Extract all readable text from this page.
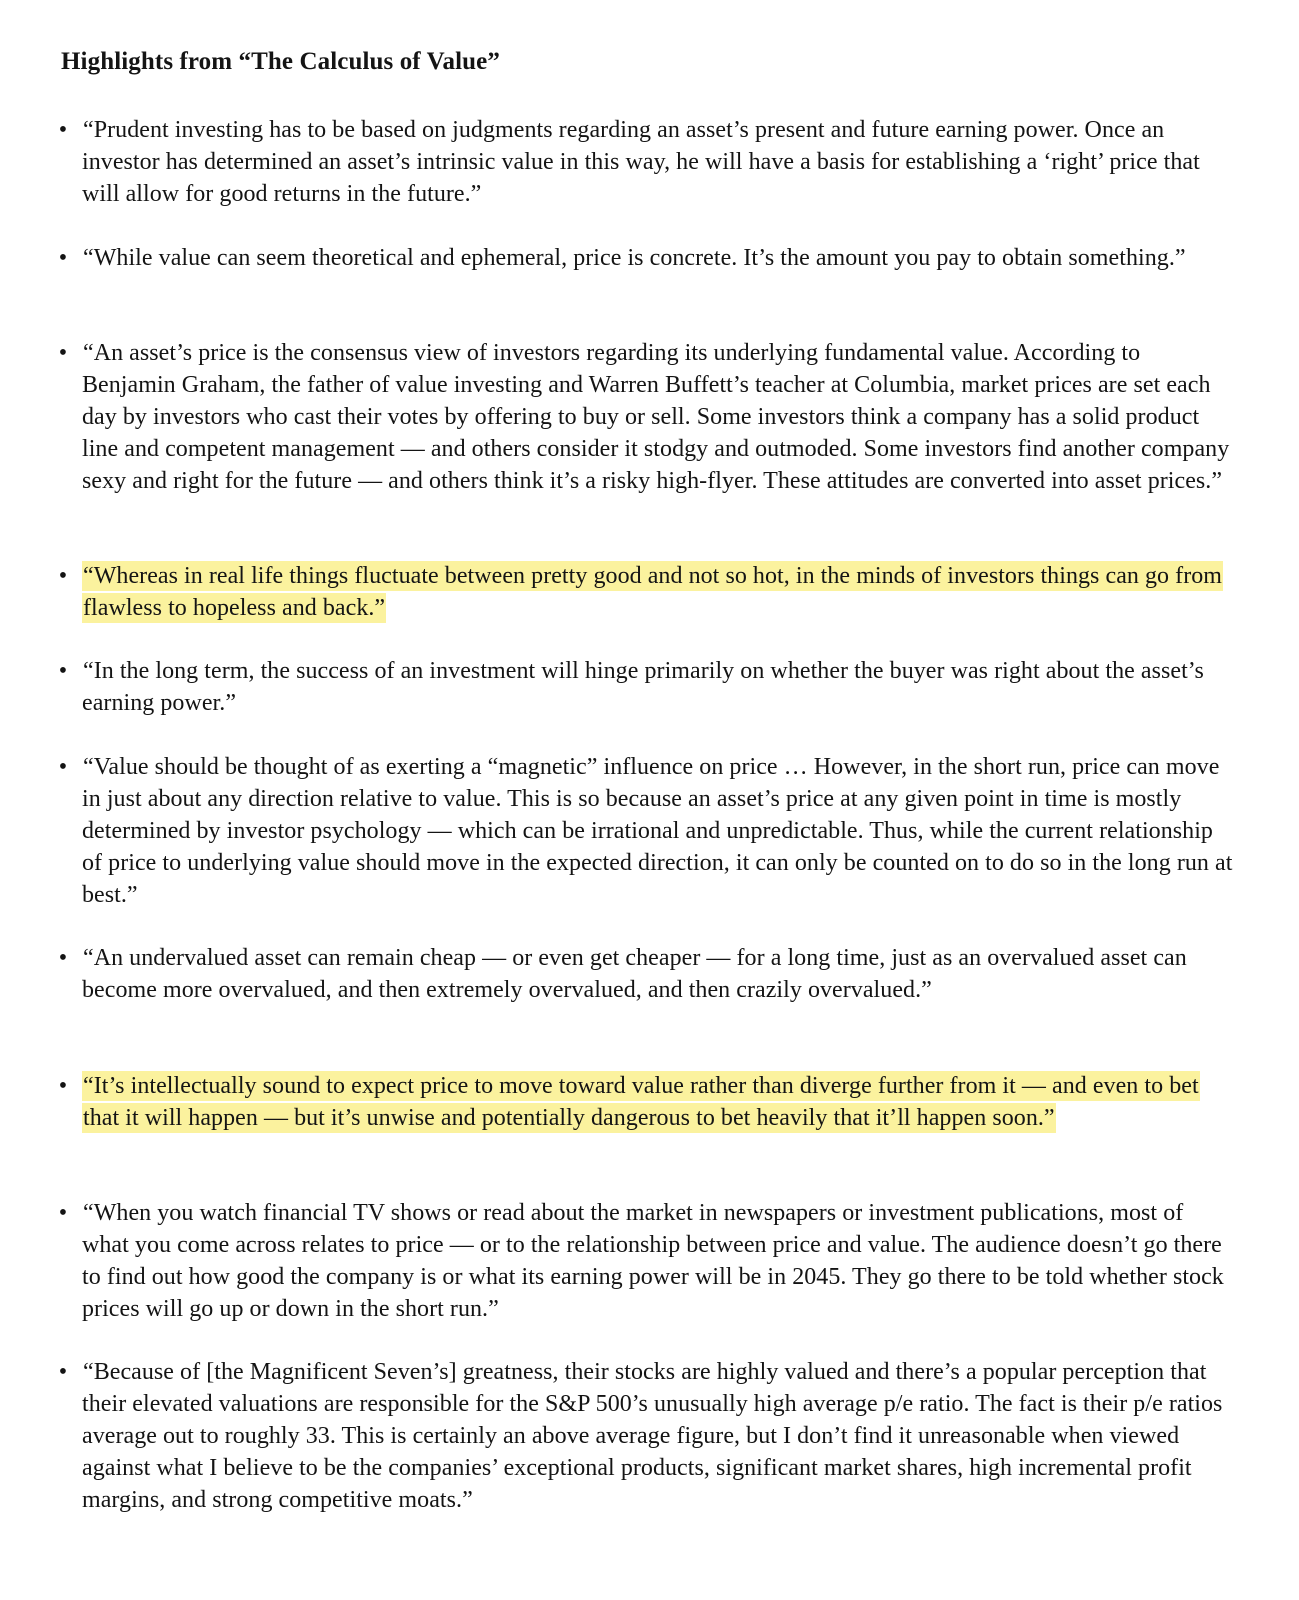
Highlights from “The Calculus of Value”
• “Prudent investing has to be based on judgments regarding an asset’s present and future earning power. Once an investor has determined an asset’s intrinsic value in this way, he will have a basis for establishing a ‘right’ price that will allow for good returns in the future.”
• “While value can seem theoretical and ephemeral, price is concrete. It’s the amount you pay to obtain something.”
• “An asset’s price is the consensus view of investors regarding its underlying fundamental value. According to Benjamin Graham, the father of value investing and Warren Buffett’s teacher at Columbia, market prices are set each day by investors who cast their votes by offering to buy or sell. Some investors think a company has a solid product line and competent management — and others consider it stodgy and outmoded. Some investors find another company sexy and right for the future — and others think it’s a risky high-flyer. These attitudes are converted into asset prices.”
• “Whereas in real life things fluctuate between pretty good and not so hot, in the minds of investors things can go from flawless to hopeless and back.”
• “In the long term, the success of an investment will hinge primarily on whether the buyer was right about the asset’s earning power.”
• “Value should be thought of as exerting a “magnetic” influence on price … However, in the short run, price can move in just about any direction relative to value. This is so because an asset’s price at any given point in time is mostly determined by investor psychology — which can be irrational and unpredictable. Thus, while the current relationship of price to underlying value should move in the expected direction, it can only be counted on to do so in the long run at best.”
• “An undervalued asset can remain cheap — or even get cheaper — for a long time, just as an overvalued asset can become more overvalued, and then extremely overvalued, and then crazily overvalued.”
• “It’s intellectually sound to expect price to move toward value rather than diverge further from it — and even to bet that it will happen — but it’s unwise and potentially dangerous to bet heavily that it’ll happen soon.”
• “When you watch financial TV shows or read about the market in newspapers or investment publications, most of what you come across relates to price — or to the relationship between price and value. The audience doesn’t go there to find out how good the company is or what its earning power will be in 2045. They go there to be told whether stock prices will go up or down in the short run.”
• “Because of [the Magnificent Seven’s] greatness, their stocks are highly valued and there’s a popular perception that their elevated valuations are responsible for the S&P 500’s unusually high average p/e ratio. The fact is their p/e ratios average out to roughly 33. This is certainly an above average figure, but I don’t find it unreasonable when viewed against what I believe to be the companies’ exceptional products, significant market shares, high incremental profit margins, and strong competitive moats.”
